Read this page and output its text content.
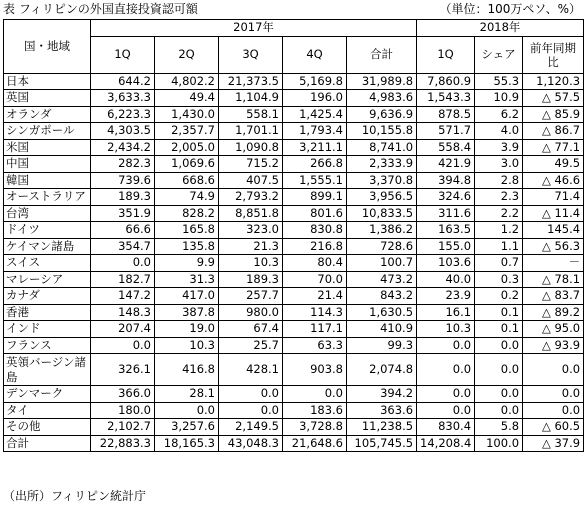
表 フィリピンの外国直接投資認可額	（単位：100万ペソ、%）
国・地域	2017年					2018年		
	1Q	2Q	3Q	4Q	合計	1Q	シェア	前年同期比
日本	644.2	4,802.2	21,373.5	5,169.8	31,989.8	7,860.9	55.3	1,120.3
英国	3,633.3	49.4	1,104.9	196.0	4,983.6	1,543.3	10.9	△ 57.5
オランダ	6,223.3	1,430.0	558.1	1,425.4	9,636.9	878.5	6.2	△ 85.9
シンガポール	4,303.5	2,357.7	1,701.1	1,793.4	10,155.8	571.7	4.0	△ 86.7
米国	2,434.2	2,005.0	1,090.8	3,211.1	8,741.0	558.4	3.9	△ 77.1
中国	282.3	1,069.6	715.2	266.8	2,333.9	421.9	3.0	49.5
韓国	739.6	668.6	407.5	1,555.1	3,370.8	394.8	2.8	△ 46.6
オーストラリア	189.3	74.9	2,793.2	899.1	3,956.5	324.6	2.3	71.4
台湾	351.9	828.2	8,851.8	801.6	10,833.5	311.6	2.2	△ 11.4
ドイツ	66.6	165.8	323.0	830.8	1,386.2	163.5	1.2	145.4
ケイマン諸島	354.7	135.8	21.3	216.8	728.6	155.0	1.1	△ 56.3
スイス	0.0	9.9	10.3	80.4	100.7	103.6	0.7	－
マレーシア	182.7	31.3	189.3	70.0	473.2	40.0	0.3	△ 78.1
カナダ	147.2	417.0	257.7	21.4	843.2	23.9	0.2	△ 83.7
香港	148.3	387.8	980.0	114.3	1,630.5	16.1	0.1	△ 89.2
インド	207.4	19.0	67.4	117.1	410.9	10.3	0.1	△ 95.0
フランス	0.0	10.3	25.7	63.3	99.3	0.0	0.0	△ 93.9
英領バージン諸島	326.1	416.8	428.1	903.8	2,074.8	0.0	0.0	0.0
デンマーク	366.0	28.1	0.0	0.0	394.2	0.0	0.0	0.0
タイ	180.0	0.0	0.0	183.6	363.6	0.0	0.0	0.0
その他	2,102.7	3,257.6	2,149.5	3,728.8	11,238.5	830.4	5.8	△ 60.5
合計	22,883.3	18,165.3	43,048.3	21,648.6	105,745.5	14,208.4	100.0	△ 37.9
（出所）フィリピン統計庁
